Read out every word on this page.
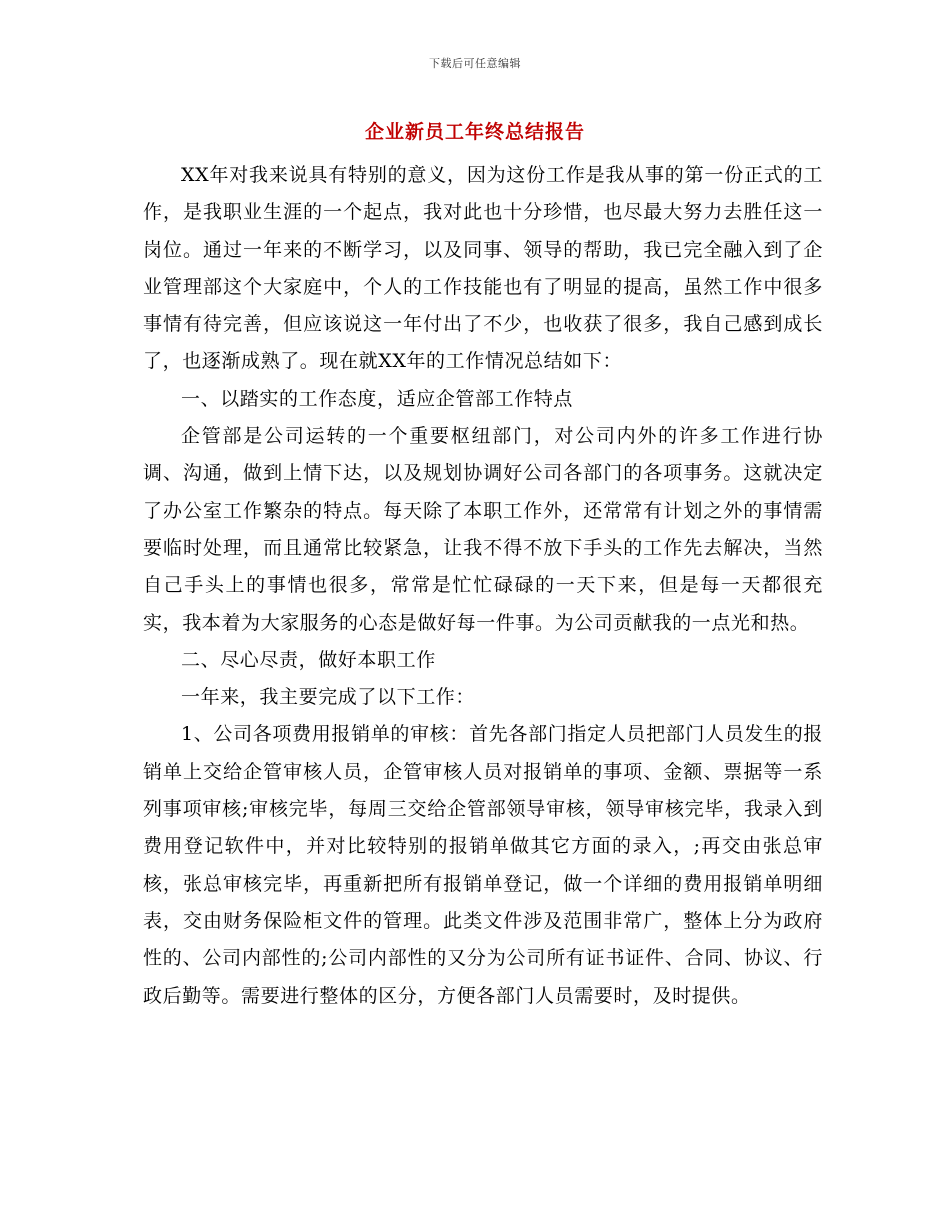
下载后可任意编辑
企业新员工年终总结报告

XX年对我来说具有特别的意义，因为这份工作是我从事的第一份正式的工作，是我职业生涯的一个起点，我对此也十分珍惜，也尽最大努力去胜任这一岗位。通过一年来的不断学习，以及同事、领导的帮助，我已完全融入到了企业管理部这个大家庭中，个人的工作技能也有了明显的提高，虽然工作中很多事情有待完善，但应该说这一年付出了不少，也收获了很多，我自己感到成长了，也逐渐成熟了。现在就XX年的工作情况总结如下：

一、以踏实的工作态度，适应企管部工作特点

企管部是公司运转的一个重要枢纽部门，对公司内外的许多工作进行协调、沟通，做到上情下达，以及规划协调好公司各部门的各项事务。这就决定了办公室工作繁杂的特点。每天除了本职工作外，还常常有计划之外的事情需要临时处理，而且通常比较紧急，让我不得不放下手头的工作先去解决，当然自己手头上的事情也很多，常常是忙忙碌碌的一天下来，但是每一天都很充实，我本着为大家服务的心态是做好每一件事。为公司贡献我的一点光和热。

二、尽心尽责，做好本职工作

一年来，我主要完成了以下工作：

1、公司各项费用报销单的审核：首先各部门指定人员把部门人员发生的报销单上交给企管审核人员，企管审核人员对报销单的事项、金额、票据等一系列事项审核;审核完毕，每周三交给企管部领导审核，领导审核完毕，我录入到费用登记软件中，并对比较特别的报销单做其它方面的录入，;再交由张总审核，张总审核完毕，再重新把所有报销单登记，做一个详细的费用报销单明细表，交由财务保险柜文件的管理。此类文件涉及范围非常广，整体上分为政府性的、公司内部性的;公司内部性的又分为公司所有证书证件、合同、协议、行政后勤等。需要进行整体的区分，方便各部门人员需要时，及时提供。
